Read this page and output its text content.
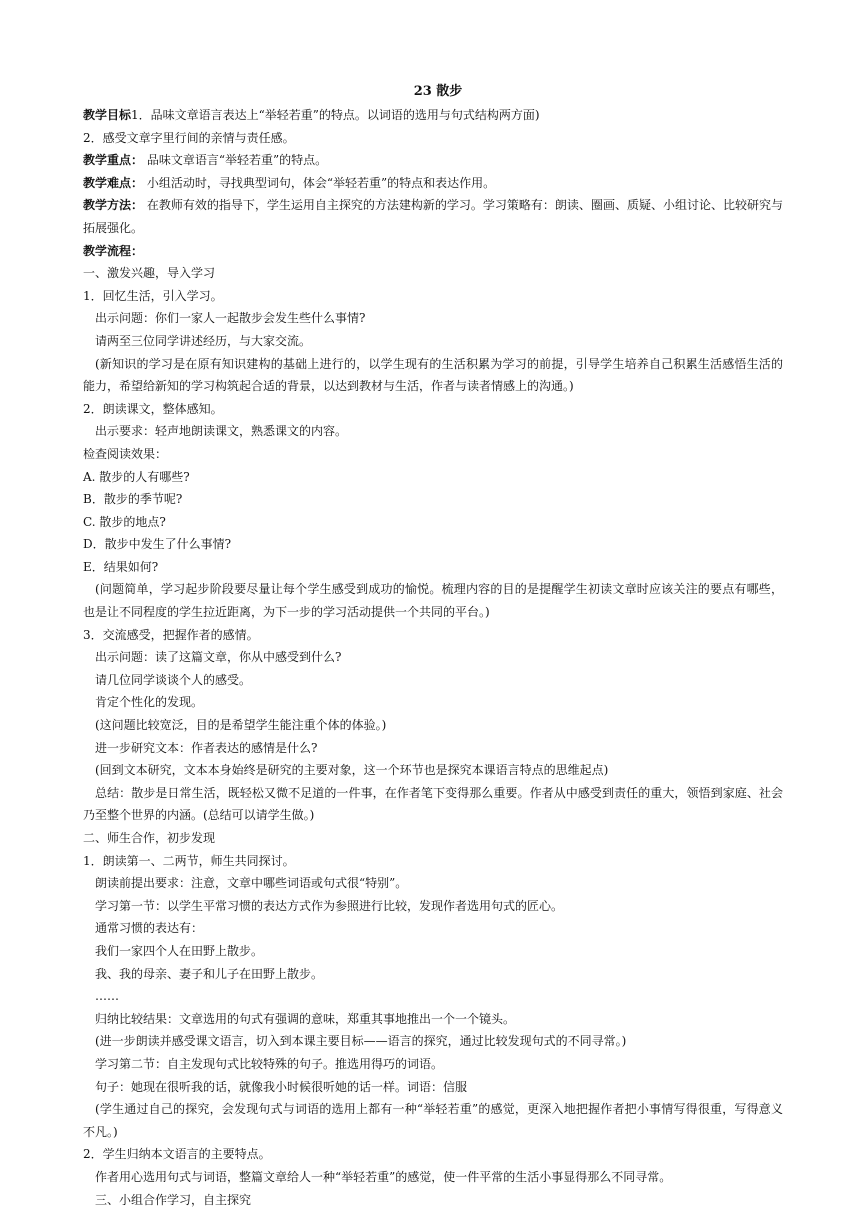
23 散步

教学目标1．品味文章语言表达上“举轻若重”的特点。以词语的选用与句式结构两方面)

2．感受文章字里行间的亲情与责任感。

教学重点： 品味文章语言“举轻若重”的特点。

教学难点： 小组活动时，寻找典型词句，体会“举轻若重”的特点和表达作用。

教学方法： 在教师有效的指导下，学生运用自主探究的方法建构新的学习。学习策略有：朗读、圈画、质疑、小组讨论、比较研究与拓展强化。

教学流程：

一、激发兴趣，导入学习

1．回忆生活，引入学习。

出示问题：你们一家人一起散步会发生些什么事情?

请两至三位同学讲述经历，与大家交流。

(新知识的学习是在原有知识建构的基础上进行的，以学生现有的生活积累为学习的前提，引导学生培养自己积累生活感悟生活的能力，希望给新知的学习构筑起合适的背景，以达到教材与生活，作者与读者情感上的沟通。)

2．朗读课文，整体感知。

出示要求：轻声地朗读课文，熟悉课文的内容。

检查阅读效果：

A. 散步的人有哪些?

B．散步的季节呢?

C. 散步的地点?

D．散步中发生了什么事情?

E．结果如何?

(问题简单，学习起步阶段要尽量让每个学生感受到成功的愉悦。梳理内容的目的是提醒学生初读文章时应该关注的要点有哪些，也是让不同程度的学生拉近距离，为下一步的学习活动提供一个共同的平台。)

3．交流感受，把握作者的感情。

出示问题：读了这篇文章，你从中感受到什么?

请几位同学谈谈个人的感受。

肯定个性化的发现。

(这问题比较宽泛，目的是希望学生能注重个体的体验。)

进一步研究文本：作者表达的感情是什么?

(回到文本研究，文本本身始终是研究的主要对象，这一个环节也是探究本课语言特点的思维起点)

总结：散步是日常生活，既轻松又微不足道的一件事，在作者笔下变得那么重要。作者从中感受到责任的重大，领悟到家庭、社会乃至整个世界的内涵。(总结可以请学生做。)

二、师生合作，初步发现

1．朗读第一、二两节，师生共同探讨。

朗读前提出要求：注意，文章中哪些词语或句式很“特别”。

学习第一节：以学生平常习惯的表达方式作为参照进行比较，发现作者选用句式的匠心。

通常习惯的表达有：

我们一家四个人在田野上散步。

我、我的母亲、妻子和儿子在田野上散步。

……

归纳比较结果：文章选用的句式有强调的意味，郑重其事地推出一个一个镜头。

(进一步朗读并感受课文语言，切入到本课主要目标——语言的探究，通过比较发现句式的不同寻常。)

学习第二节：自主发现句式比较特殊的句子。推选用得巧的词语。

句子：她现在很听我的话，就像我小时候很听她的话一样。词语：信服

(学生通过自己的探究，会发现句式与词语的选用上都有一种“举轻若重”的感觉，更深入地把握作者把小事情写得很重，写得意义不凡。)

2．学生归纳本文语言的主要特点。

作者用心选用句式与词语，整篇文章给人一种“举轻若重”的感觉，使一件平常的生活小事显得那么不同寻常。

三、小组合作学习，自主探究
